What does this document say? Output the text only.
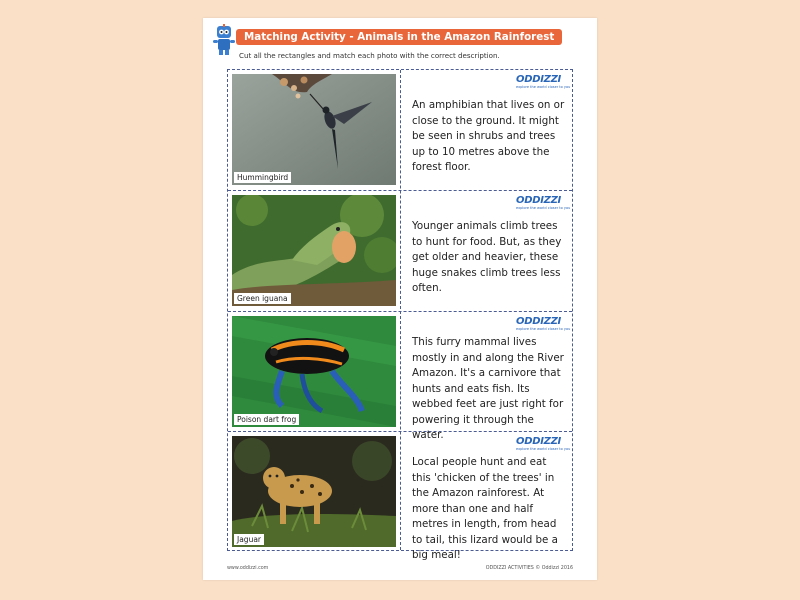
Matching Activity - Animals in the Amazon Rainforest
Cut all the rectangles and match each photo with the correct description.
Hummingbird
ODDIZZI
explore the world closer to you
An amphibian that lives on or close to the ground. It might be seen in shrubs and trees up to 10 metres above the forest floor.
Green iguana
ODDIZZI
explore the world closer to you
Younger animals climb trees to hunt for food. But, as they get older and heavier, these huge snakes climb trees less often.
Poison dart frog
ODDIZZI
explore the world closer to you
This furry mammal lives mostly in and along the River Amazon. It's a carnivore that hunts and eats fish. Its webbed feet are just right for powering it through the water.
Jaguar
ODDIZZI
explore the world closer to you
Local people hunt and eat this 'chicken of the trees' in the Amazon rainforest. At more than one and half metres in length, from head to tail, this lizard would be a big meal!
www.oddizzi.com	ODDIZZI ACTIVITIES © Oddizzi 2016
